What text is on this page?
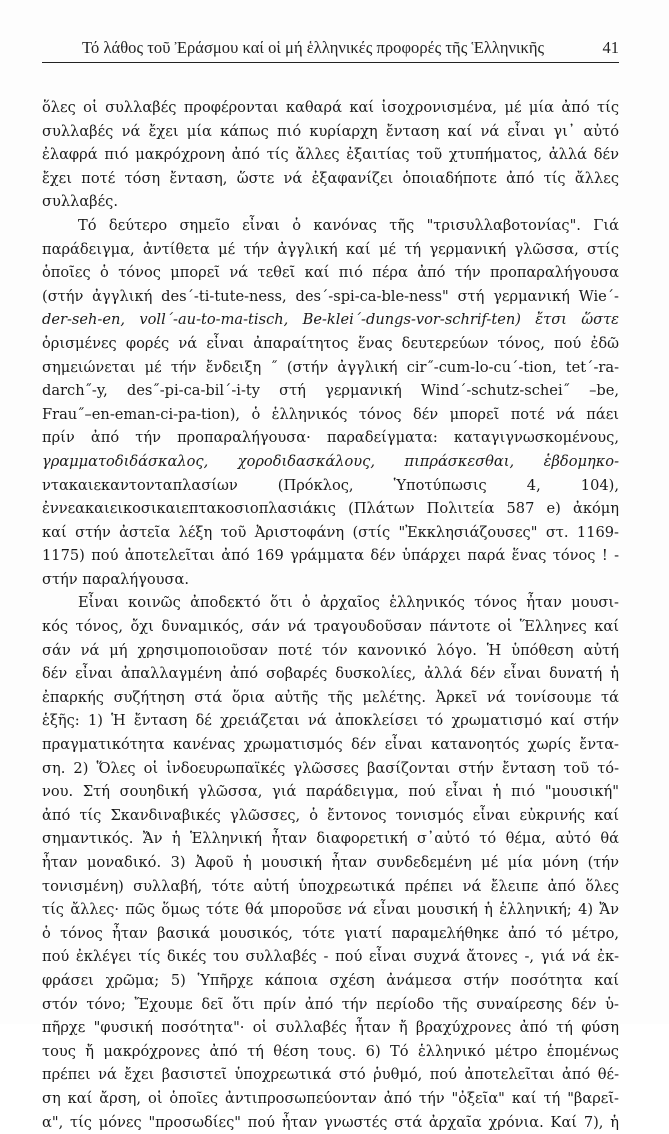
Τό λάθος τοῦ Ἐράσμου καί οἱ μή ἑλληνικές προφορές τῆς Ἑλληνικῆς	41
ὅλες οἱ συλλαβές προφέρονται καθαρά καί ἰσοχρονισμένα, μέ μία ἀπό τίς
συλλαβές νά ἔχει μία κάπως πιό κυρίαρχη ἔνταση καί νά εἶναι γι᾽ αὐτό
ἐλαφρά πιό μακρόχρονη ἀπό τίς ἄλλες ἐξαιτίας τοῦ χτυπήματος, ἀλλά δέν
ἔχει ποτέ τόση ἔνταση, ὥστε νά ἐξαφανίζει ὁποιαδήποτε ἀπό τίς ἄλλες
συλλαβές.
Τό δεύτερο σημεῖο εἶναι ὁ κανόνας τῆς "τρισυλλαβοτονίας". Γιά
παράδειγμα, ἀντίθετα μέ τήν ἀγγλική καί μέ τή γερμανική γλῶσσα, στίς
ὁποῖες ὁ τόνος μπορεῖ νά τεθεῖ καί πιό πέρα ἀπό τήν προπαραλήγουσα
(στήν ἀγγλική des΄-ti-tute-ness, des΄-spi-ca-ble-ness" στή γερμανική Wie΄-
der-seh-en, voll΄-au-to-ma-tisch, Be-klei΄-dungs-vor-schrif-ten) ἔτσι ὥστε
ὁρισμένες φορές νά εἶναι ἀπαραίτητος ἕνας δευτερεύων τόνος, πού ἐδῶ
σημειώνεται μέ τήν ἔνδειξη ˝ (στήν ἀγγλική cir˝-cum-lo-cu΄-tion, tet΄-ra-
darch˝-y, des˝-pi-ca-bil΄-i-ty στή γερμανική Wind΄-schutz-schei˝ –be,
Frau˝–en-eman-ci-pa-tion), ὁ ἑλληνικός τόνος δέν μπορεῖ ποτέ νά πάει
πρίν ἀπό τήν προπαραλήγουσα· παραδείγματα: καταγιγνωσκομένους,
γραμματοδιδάσκαλος, χοροδιδασκάλους, πιπράσκεσθαι, ἑβδομηκο-
ντακαιεκαντονταπλασίων (Πρόκλος, Ὑποτύπωσις 4, 104),
ἐννεακαιεικοσικαιεπτακοσιοπλασιάκις (Πλάτων Πολιτεία 587 e) ἀκόμη
καί στήν ἀστεῖα λέξη τοῦ Ἀριστοφάνη (στίς "Ἐκκλησιάζουσες" στ. 1169-
1175) πού ἀποτελεῖται ἀπό 169 γράμματα δέν ὑπάρχει παρά ἕνας τόνος ! -
στήν παραλήγουσα.
Εἶναι κοινῶς ἀποδεκτό ὅτι ὁ ἀρχαῖος ἑλληνικός τόνος ἦταν μουσι-
κός τόνος, ὄχι δυναμικός, σάν νά τραγουδοῦσαν πάντοτε οἱ Ἕλληνες καί
σάν νά μή χρησιμοποιοῦσαν ποτέ τόν κανονικό λόγο. Ἡ ὑπόθεση αὐτή
δέν εἶναι ἀπαλλαγμένη ἀπό σοβαρές δυσκολίες, ἀλλά δέν εἶναι δυνατή ἡ
ἐπαρκής συζήτηση στά ὅρια αὐτῆς τῆς μελέτης. Ἀρκεῖ νά τονίσουμε τά
ἑξῆς: 1) Ἡ ἔνταση δέ χρειάζεται νά ἀποκλείσει τό χρωματισμό καί στήν
πραγματικότητα κανένας χρωματισμός δέν εἶναι κατανοητός χωρίς ἔντα-
ση. 2) Ὅλες οἱ ἰνδοευρωπαϊκές γλῶσσες βασίζονται στήν ἔνταση τοῦ τό-
νου. Στή σουηδική γλῶσσα, γιά παράδειγμα, πού εἶναι ἡ πιό "μουσική"
ἀπό τίς Σκανδιναβικές γλῶσσες, ὁ ἔντονος τονισμός εἶναι εὐκρινής καί
σημαντικός. Ἄν ἡ Ἑλληνική ἦταν διαφορετική σ᾽αὐτό τό θέμα, αὐτό θά
ἦταν μοναδικό. 3) Ἀφοῦ ἡ μουσική ἦταν συνδεδεμένη μέ μία μόνη (τήν
τονισμένη) συλλαβή, τότε αὐτή ὑποχρεωτικά πρέπει νά ἔλειπε ἀπό ὅλες
τίς ἄλλες· πῶς ὅμως τότε θά μποροῦσε νά εἶναι μουσική ἡ ἑλληνική; 4) Ἄν
ὁ τόνος ἦταν βασικά μουσικός, τότε γιατί παραμελήθηκε ἀπό τό μέτρο,
πού ἐκλέγει τίς δικές του συλλαβές - πού εἶναι συχνά ἄτονες -, γιά νά ἐκ-
φράσει χρῶμα; 5) Ὑπῆρχε κάποια σχέση ἀνάμεσα στήν ποσότητα καί
στόν τόνο; Ἔχουμε δεῖ ὅτι πρίν ἀπό τήν περίοδο τῆς συναίρεσης δέν ὑ-
πῆρχε "φυσική ποσότητα"· οἱ συλλαβές ἦταν ἤ βραχύχρονες ἀπό τή φύση
τους ἤ μακρόχρονες ἀπό τή θέση τους. 6) Τό ἑλληνικό μέτρο ἑπομένως
πρέπει νά ἔχει βασιστεῖ ὑποχρεωτικά στό ῥυθμό, πού ἀποτελεῖται ἀπό θέ-
ση καί ἄρση, οἱ ὁποῖες ἀντιπροσωπεύονταν ἀπό τήν "ὀξεῖα" καί τή "βαρεῖ-
α", τίς μόνες "προσωδίες" πού ἦταν γνωστές στά ἀρχαῖα χρόνια. Καί 7), ἡ
